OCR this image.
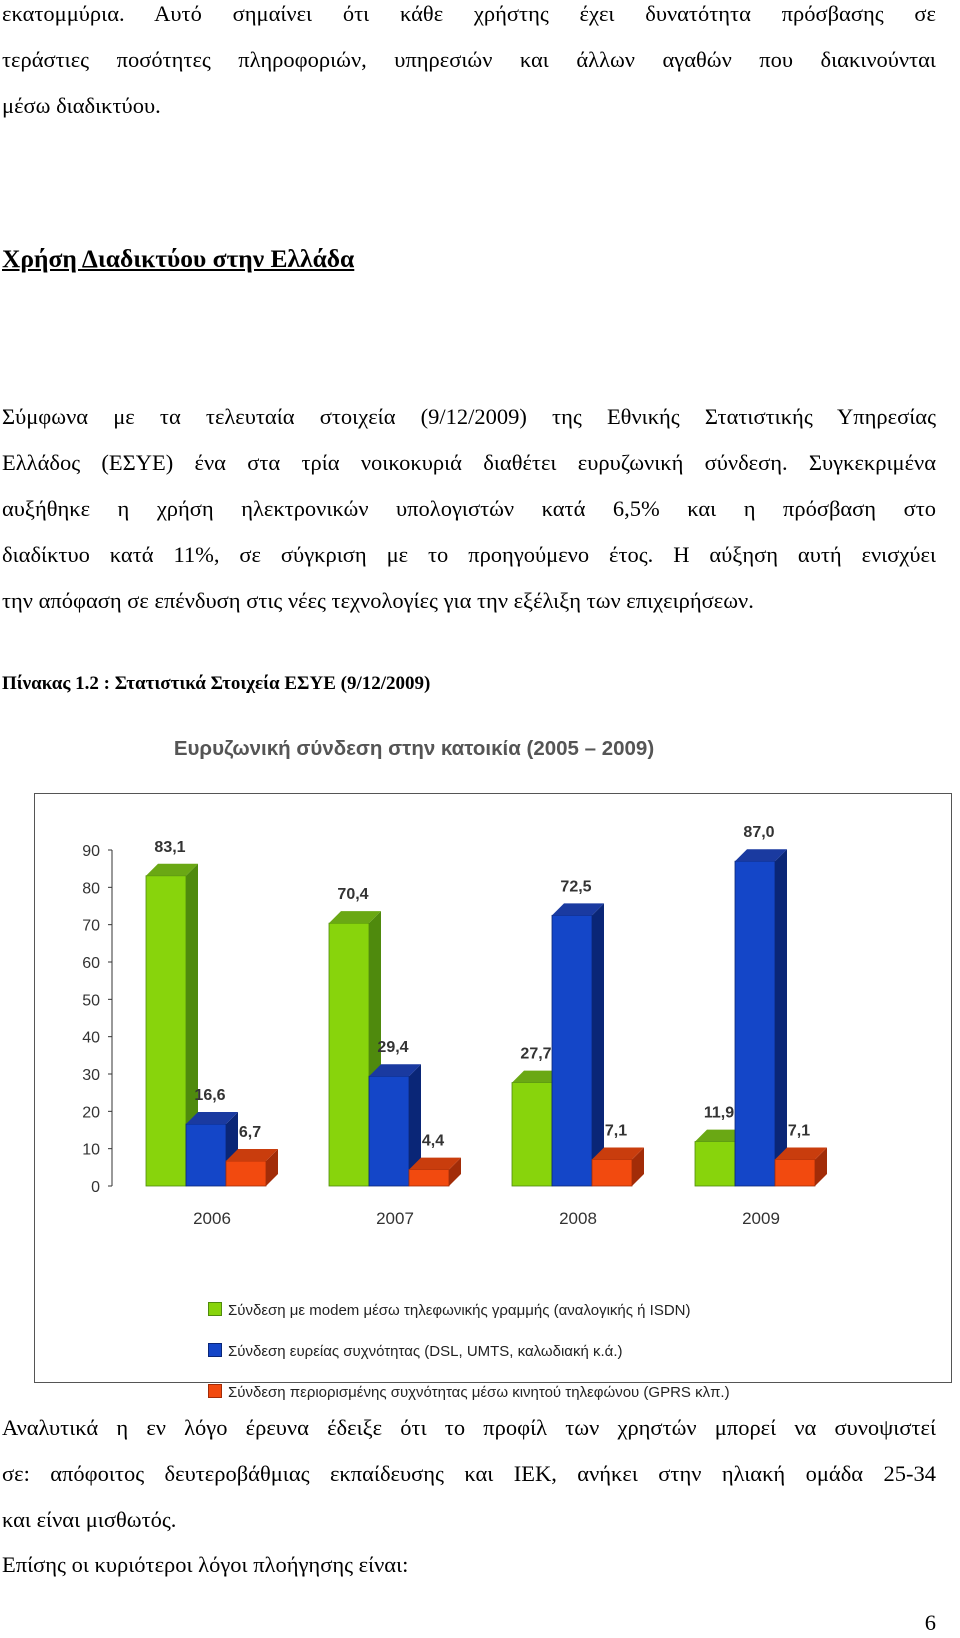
εκατομμύρια. Αυτό σημαίνει ότι κάθε χρήστης έχει δυνατότητα πρόσβασης σε
τεράστιες ποσότητες πληροφοριών, υπηρεσιών και άλλων αγαθών που διακινούνται
μέσω διαδικτύου.
Χρήση Διαδικτύου στην Ελλάδα
Σύμφωνα με τα τελευταία στοιχεία (9/12/2009) της Εθνικής Στατιστικής Υπηρεσίας
Ελλάδος (ΕΣΥΕ) ένα στα τρία νοικοκυριά διαθέτει ευρυζωνική σύνδεση. Συγκεκριμένα
αυξήθηκε η χρήση ηλεκτρονικών υπολογιστών κατά 6,5% και η πρόσβαση στο
διαδίκτυο κατά 11%, σε σύγκριση με το προηγούμενο έτος. Η αύξηση αυτή ενισχύει
την απόφαση σε επένδυση στις νέες τεχνολογίες για την εξέλιξη των επιχειρήσεων.
Πίνακας 1.2 : Στατιστικά Στοιχεία ΕΣΥΕ (9/12/2009)
Ευρυζωνική σύνδεση στην κατοικία (2005 – 2009)
0
10
20
30
40
50
60
70
80
90	83,1
16,6
6,7
2006
70,4
29,4
4,4
2007
27,7
72,5
7,1
2008
11,9
87,0
7,1
2009
Σύνδεση με modem μέσω τηλεφωνικής γραμμής (αναλογικής ή ISDN)
Σύνδεση ευρείας συχνότητας (DSL, UMTS, καλωδιακή κ.ά.)
Σύνδεση περιορισμένης συχνότητας μέσω κινητού τηλεφώνου (GPRS κλπ.)
Αναλυτικά η εν λόγο έρευνα έδειξε ότι το προφίλ των χρηστών μπορεί να συνοψιστεί
σε: απόφοιτος δευτεροβάθμιας εκπαίδευσης και ΙΕΚ, ανήκει στην ηλιακή ομάδα 25-34
και είναι μισθωτός.
Επίσης οι κυριότεροι λόγοι πλοήγησης είναι:
6
